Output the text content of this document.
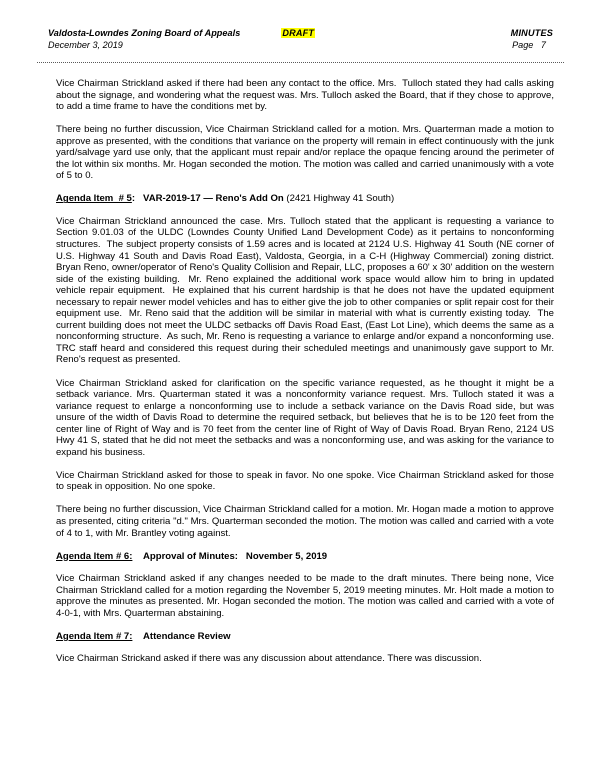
Valdosta-Lowndes Zoning Board of Appeals	DRAFT	MINUTES
December 3, 2019	Page   7

Vice Chairman Strickland asked if there had been any contact to the office. Mrs.  Tulloch stated they had calls asking about the signage, and wondering what the request was. Mrs. Tulloch asked the Board, that if they chose to approve, to add a time frame to have the conditions met by.

There being no further discussion, Vice Chairman Strickland called for a motion. Mrs. Quarterman made a motion to approve as presented, with the conditions that variance on the property will remain in effect continuously with the junk yard/salvage yard use only, that the applicant must repair and/or replace the opaque fencing around the perimeter of the lot within six months. Mr. Hogan seconded the motion. The motion was called and carried unanimously with a vote of 5 to 0.

Agenda Item  # 5: VAR-2019-17 — Reno's Add On (2421 Highway 41 South)

Vice Chairman Strickland announced the case. Mrs. Tulloch stated that the applicant is requesting a variance to Section 9.01.03 of the ULDC (Lowndes County Unified Land Development Code) as it pertains to nonconforming structures.  The subject property consists of 1.59 acres and is located at 2124 U.S. Highway 41 South (NE corner of U.S. Highway 41 South and Davis Road East), Valdosta, Georgia, in a C-H (Highway Commercial) zoning district.  Bryan Reno, owner/operator of Reno's Quality Collision and Repair, LLC, proposes a 60' x 30' addition on the western side of the existing building.  Mr. Reno explained the additional work space would allow him to bring in updated vehicle repair equipment.  He explained that his current hardship is that he does not have the updated equipment necessary to repair newer model vehicles and has to either give the job to other companies or split repair cost for their equipment use.  Mr. Reno said that the addition will be similar in material with what is currently existing today.  The current building does not meet the ULDC setbacks off Davis Road East, (East Lot Line), which deems the same as a nonconforming structure.  As such, Mr. Reno is requesting a variance to enlarge and/or expand a nonconforming use.   TRC staff heard and considered this request during their scheduled meetings and unanimously gave support to Mr. Reno's request as presented.

Vice Chairman Strickland asked for clarification on the specific variance requested, as he thought it might be a setback variance. Mrs. Quarterman stated it was a nonconformity variance request. Mrs. Tulloch stated it was a variance request to enlarge a nonconforming use to include a setback variance on the Davis Road side, but was unsure of the width of Davis Road to determine the required setback, but believes that he is to be 120 feet from the center line of Right of Way and is 70 feet from the center line of Right of Way of Davis Road. Bryan Reno, 2124 US Hwy 41 S, stated that he did not meet the setbacks and was a nonconforming use, and was asking for the variance to expand his business.

Vice Chairman Strickland asked for those to speak in favor. No one spoke. Vice Chairman Strickland asked for those to speak in opposition. No one spoke.

There being no further discussion, Vice Chairman Strickland called for a motion. Mr. Hogan made a motion to approve as presented, citing criteria "d." Mrs. Quarterman seconded the motion. The motion was called and carried with a vote of 4 to 1, with Mr. Brantley voting against.

Agenda Item # 6: Approval of Minutes:   November 5, 2019

Vice Chairman Strickland asked if any changes needed to be made to the draft minutes. There being none, Vice Chairman Strickland called for a motion regarding the November 5, 2019 meeting minutes. Mr. Holt made a motion to approve the minutes as presented. Mr. Hogan seconded the motion. The motion was called and carried with a vote of 4-0-1, with Mrs. Quarterman abstaining.

Agenda Item # 7: Attendance Review

Vice Chairman Strickand asked if there was any discussion about attendance. There was discussion.
